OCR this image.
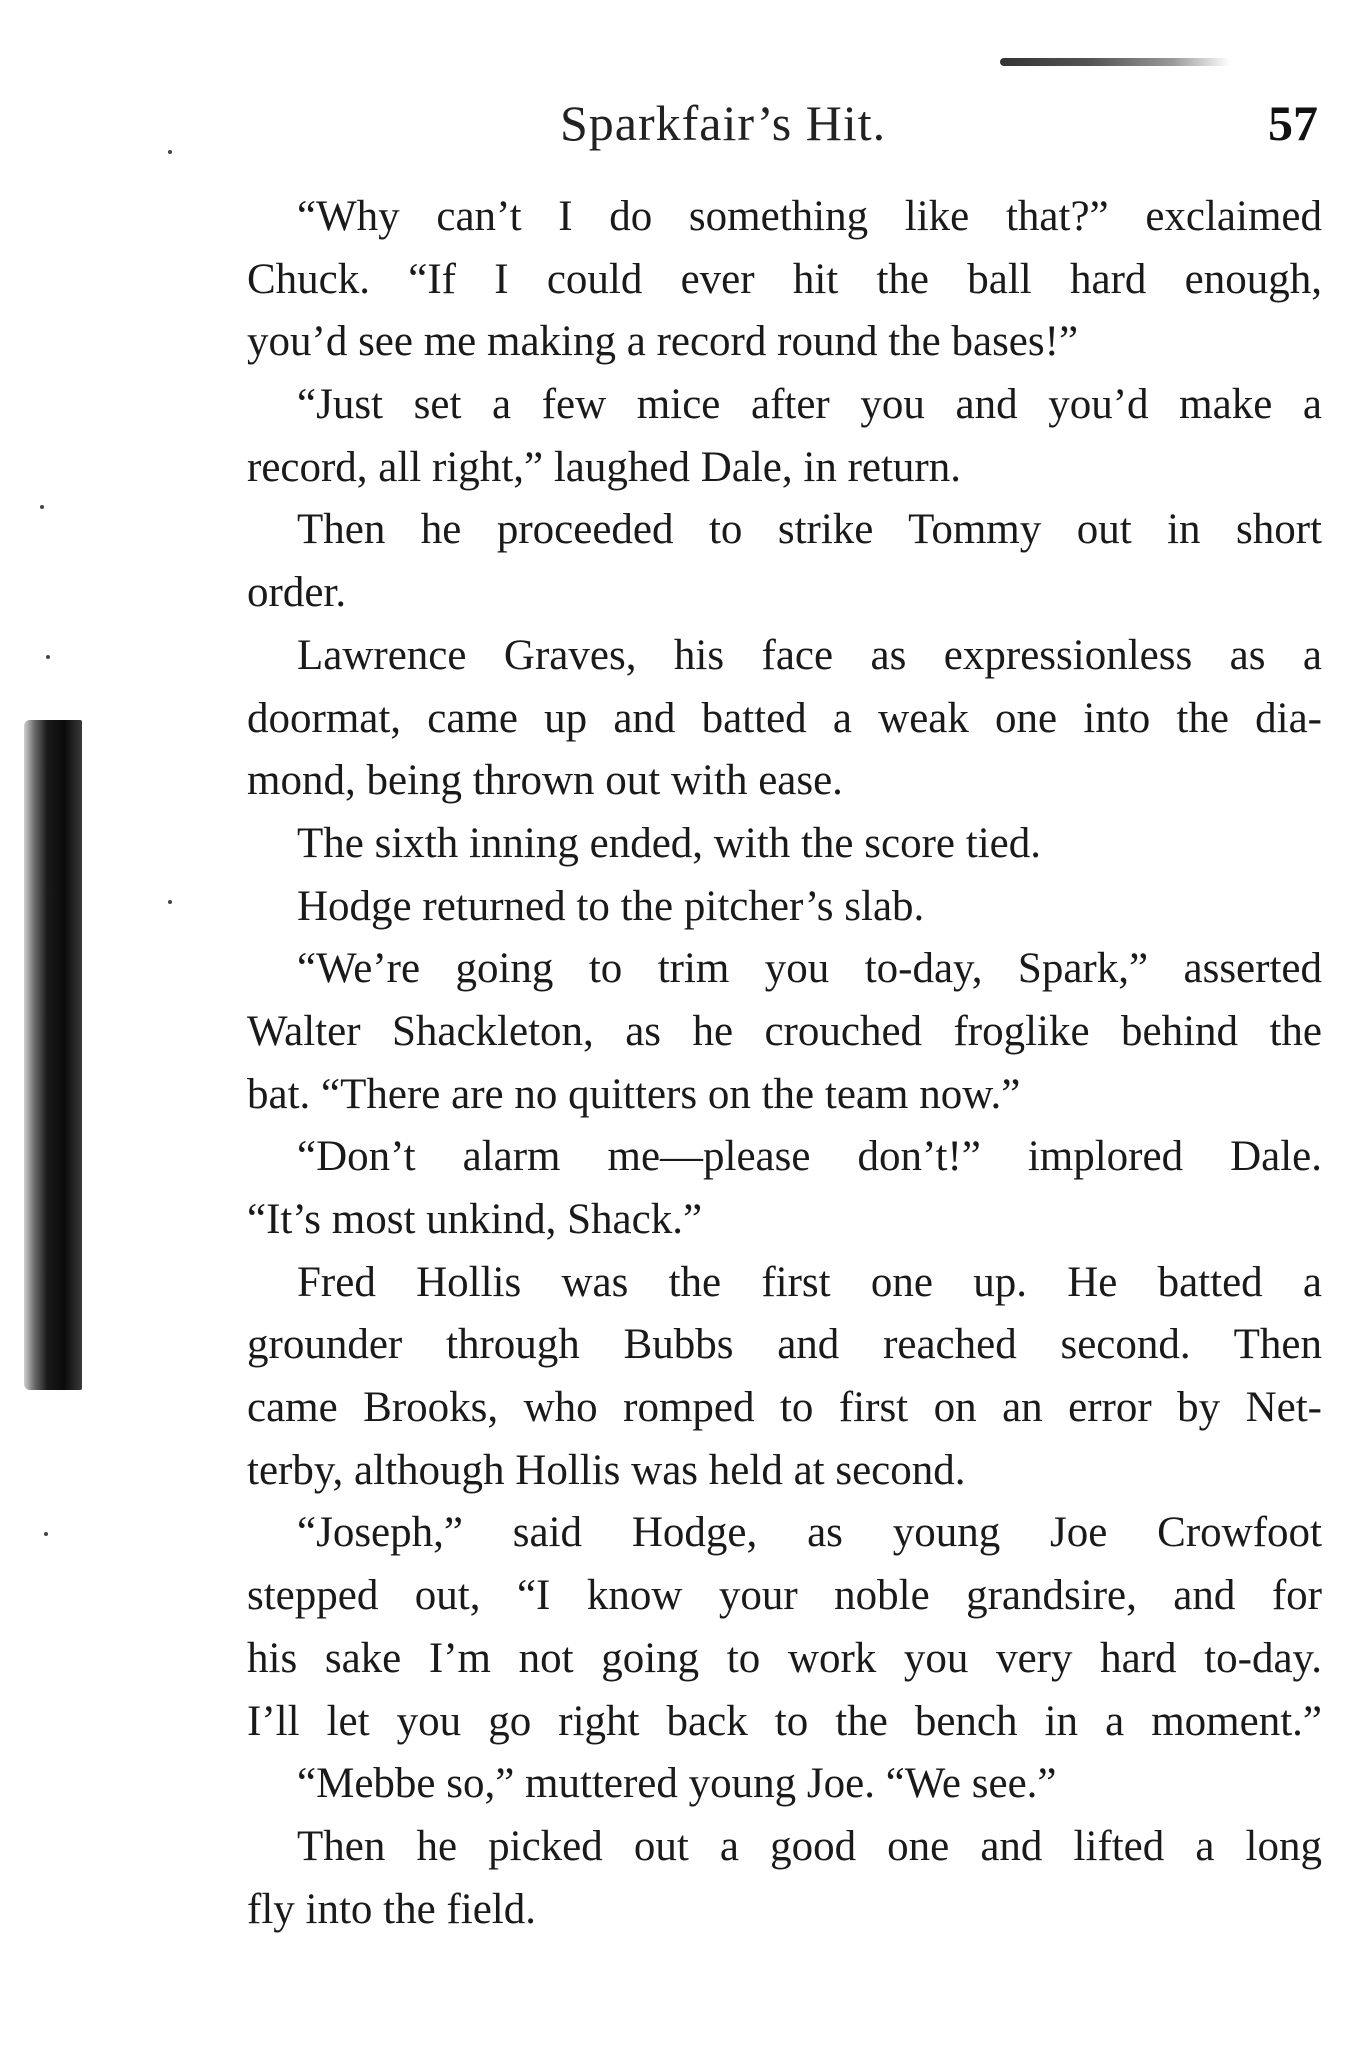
Sparkfair’s Hit.	57
“Why can’t I do something like that?” exclaimed
Chuck. “If I could ever hit the ball hard enough,
you’d see me making a record round the bases!”
“Just set a few mice after you and you’d make a
record, all right,” laughed Dale, in return.
Then he proceeded to strike Tommy out in short
order.
Lawrence Graves, his face as expressionless as a
doormat, came up and batted a weak one into the dia-
mond, being thrown out with ease.
The sixth inning ended, with the score tied.
Hodge returned to the pitcher’s slab.
“We’re going to trim you to-day, Spark,” asserted
Walter Shackleton, as he crouched froglike behind the
bat. “There are no quitters on the team now.”
“Don’t alarm me—please don’t!” implored Dale.
“It’s most unkind, Shack.”
Fred Hollis was the first one up. He batted a
grounder through Bubbs and reached second. Then
came Brooks, who romped to first on an error by Net-
terby, although Hollis was held at second.
“Joseph,” said Hodge, as young Joe Crowfoot
stepped out, “I know your noble grandsire, and for
his sake I’m not going to work you very hard to-day.
I’ll let you go right back to the bench in a moment.”
“Mebbe so,” muttered young Joe. “We see.”
Then he picked out a good one and lifted a long
fly into the field.
